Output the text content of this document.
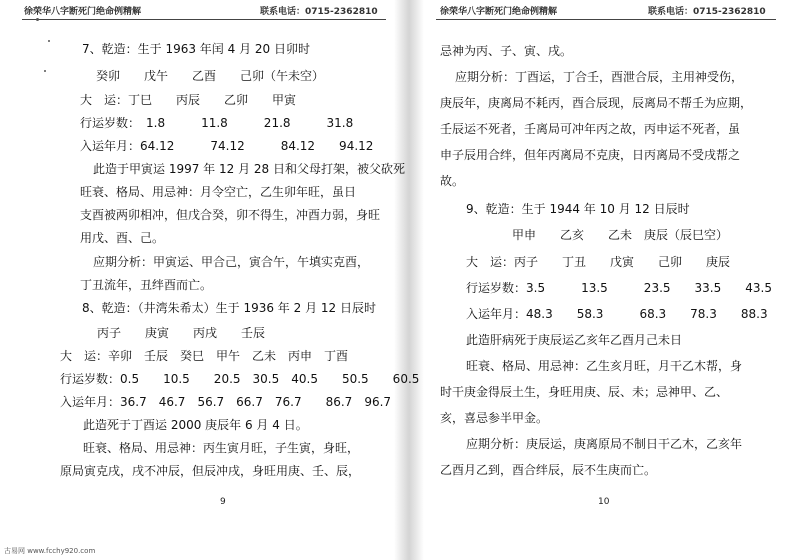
徐荣华八字断死门绝命例精解	联系电话：0715-2362810
7、乾造：生于 1963 年闰 4 月 20 日卯时
癸卯　　戊午　　乙酉　　己卯（午未空）
大　运：丁巳　　丙辰　　乙卯　　甲寅
行运岁数：　1.8　　　11.8　　　21.8　　　31.8
入运年月：64.12　　　74.12　　　84.12　　94.12
此造于甲寅运 1997 年 12 月 28 日和父母打架，被父砍死
旺衰、格局、用忌神：月令空亡，乙生卯年旺，虽日
支酉被两卯相冲，但戊合癸，卯不得生，冲酉力弱，身旺
用戊、酉、己。
应期分析：甲寅运、甲合己，寅合午，午填实克酉，
丁丑流年，丑绊酉而亡。
8、乾造：（井湾朱希太）生于 1936 年 2 月 12 日辰时
丙子　　庚寅　　丙戌　　壬辰
大　运：辛卯　壬辰　癸巳　甲午　乙未　丙申　丁酉
行运岁数：0.5　　10.5　　20.5　30.5　40.5　　50.5　　60.5
入运年月：36.7　46.7　56.7　66.7　76.7　　86.7　96.7
此造死于丁酉运 2000 庚辰年 6 月 4 日。
旺衰、格局、用忌神：丙生寅月旺，子生寅，身旺，
原局寅克戌，戌不冲辰，但辰冲戌，身旺用庚、壬、辰，
9
徐荣华八字断死门绝命例精解	联系电话：0715-2362810
忌神为丙、子、寅、戌。
应期分析：丁酉运，丁合壬，酉泄合辰，主用神受伤，
庚辰年，庚离局不耗丙，酉合辰现，辰离局不帮壬为应期，
壬辰运不死者，壬离局可冲年丙之故，丙申运不死者，虽
申子辰用合绊，但年丙离局不克庚，日丙离局不受戌帮之
故。
9、乾造：生于 1944 年 10 月 12 日辰时
甲申　　乙亥　　乙未　庚辰（辰巳空）
大　运：丙子　　丁丑　　戊寅　　己卯　　庚辰
行运岁数：3.5　　　13.5　　　23.5　　33.5　　43.5
入运年月：48.3　　58.3　　　68.3　　78.3　　88.3
此造肝病死于庚辰运乙亥年乙酉月己未日
旺衰、格局、用忌神：乙生亥月旺，月干乙木帮，身
时干庚金得辰土生，身旺用庚、辰、未；忌神甲、乙、
亥，喜忌参半甲金。
应期分析：庚辰运，庚离原局不制日干乙木，乙亥年
乙酉月乙到，酉合绊辰，辰不生庚而亡。
10
古易网 www.fcchy920.com
